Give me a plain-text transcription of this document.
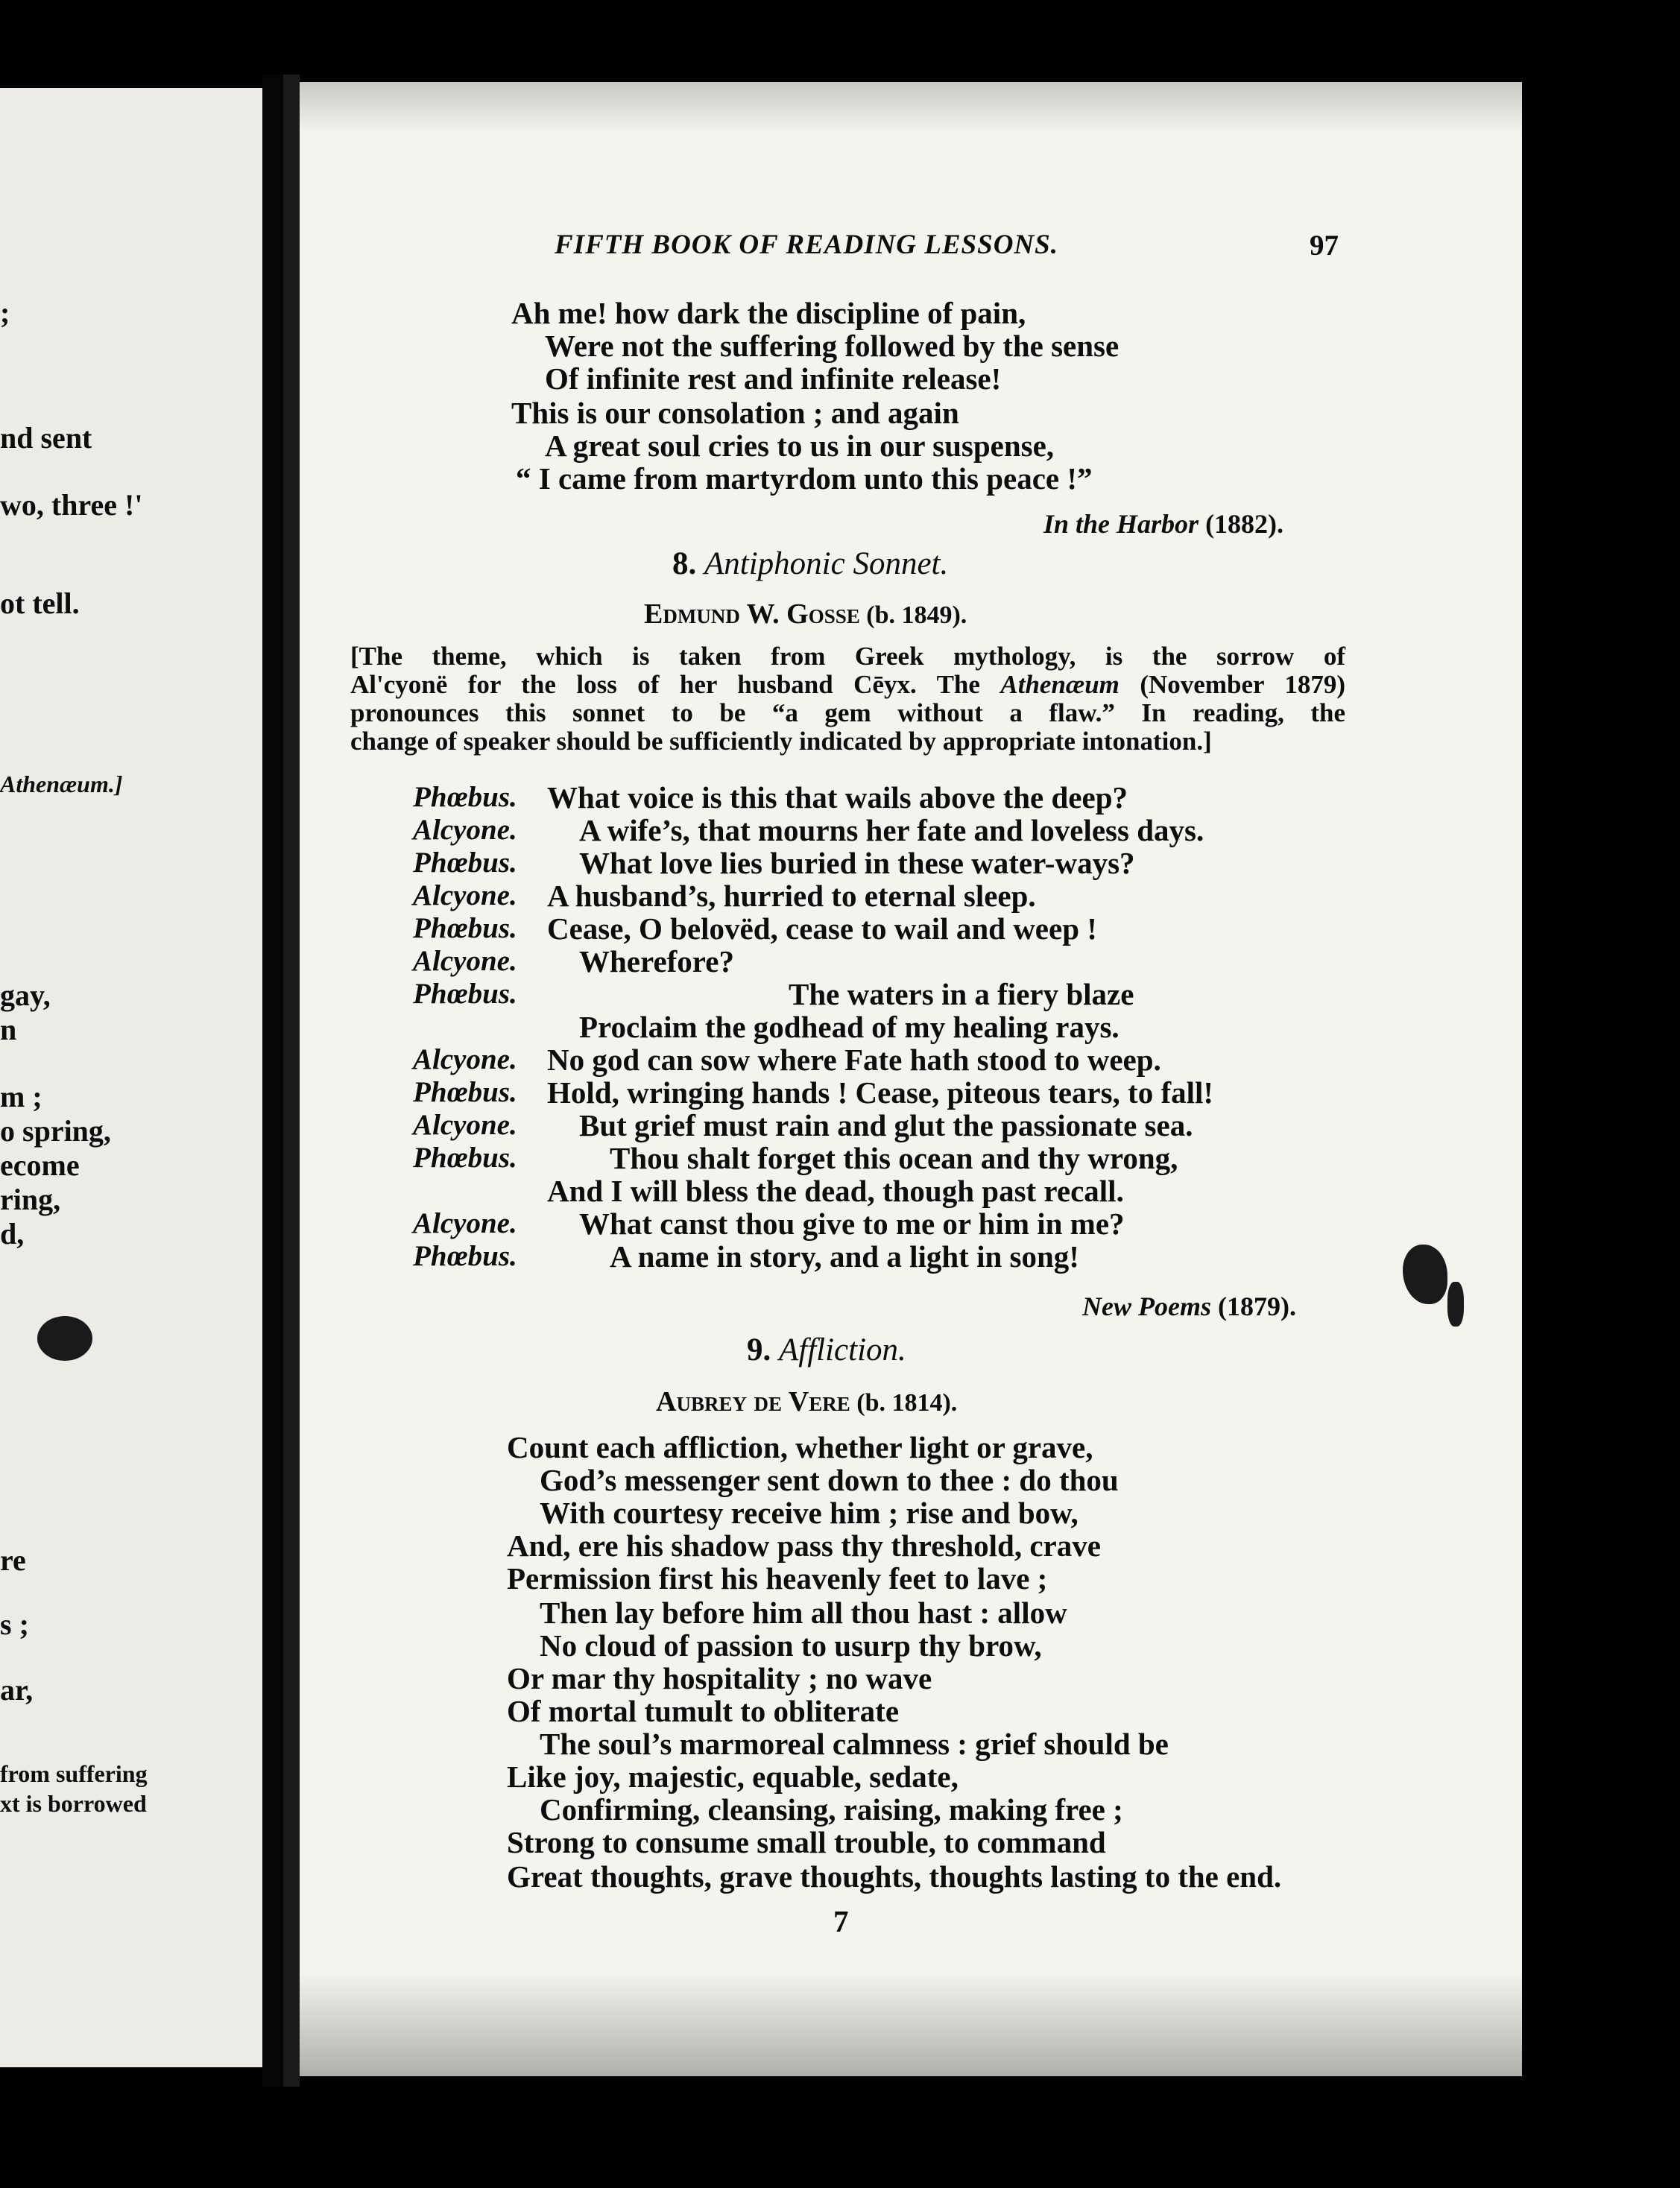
;
nd sent
wo, three !'
ot tell.
Athenæum.]
gay,
n
m ;
o spring,
ecome
ring,
d,
re
s ;
ar,
from suffering
xt is borrowed
FIFTH BOOK OF READING LESSONS.	97
Ah me! how dark the discipline of pain,
Were not the suffering followed by the sense
Of infinite rest and infinite release!
This is our consolation ; and again
A great soul cries to us in our suspense,
“ I came from martyrdom unto this peace !”
In the Harbor (1882).
8. Antiphonic Sonnet.
Edmund W. Gosse (b. 1849).

[The theme, which is taken from Greek mythology, is the sorrow of

Al'cyonë for the loss of her husband Cēyx. The Athenæum (November 1879)

pronounces this sonnet to be “a gem without a flaw.” In reading, the

change of speaker should be sufficiently indicated by appropriate intonation.]

Phœbus. What voice is this that wails above the deep?
Alcyone. A wife’s, that mourns her fate and loveless days.
Phœbus. What love lies buried in these water-ways?
Alcyone. A husband’s, hurried to eternal sleep.
Phœbus. Cease, O belovëd, cease to wail and weep !
Alcyone. Wherefore?
Phœbus.	The waters in a fiery blaze
Proclaim the godhead of my healing rays.
Alcyone. No god can sow where Fate hath stood to weep.
Phœbus. Hold, wringing hands ! Cease, piteous tears, to fall!
Alcyone. But grief must rain and glut the passionate sea.
Phœbus.	Thou shalt forget this ocean and thy wrong,
And I will bless the dead, though past recall.
Alcyone. What canst thou give to me or him in me?
Phœbus.	A name in story, and a light in song!
New Poems (1879).
9. Affliction.
Aubrey de Vere (b. 1814).
Count each affliction, whether light or grave,
God’s messenger sent down to thee : do thou
With courtesy receive him ; rise and bow,
And, ere his shadow pass thy threshold, crave
Permission first his heavenly feet to lave ;
Then lay before him all thou hast : allow
No cloud of passion to usurp thy brow,
Or mar thy hospitality ; no wave
Of mortal tumult to obliterate
The soul’s marmoreal calmness : grief should be
Like joy, majestic, equable, sedate,
Confirming, cleansing, raising, making free ;
Strong to consume small trouble, to command
Great thoughts, grave thoughts, thoughts lasting to the end.
7
